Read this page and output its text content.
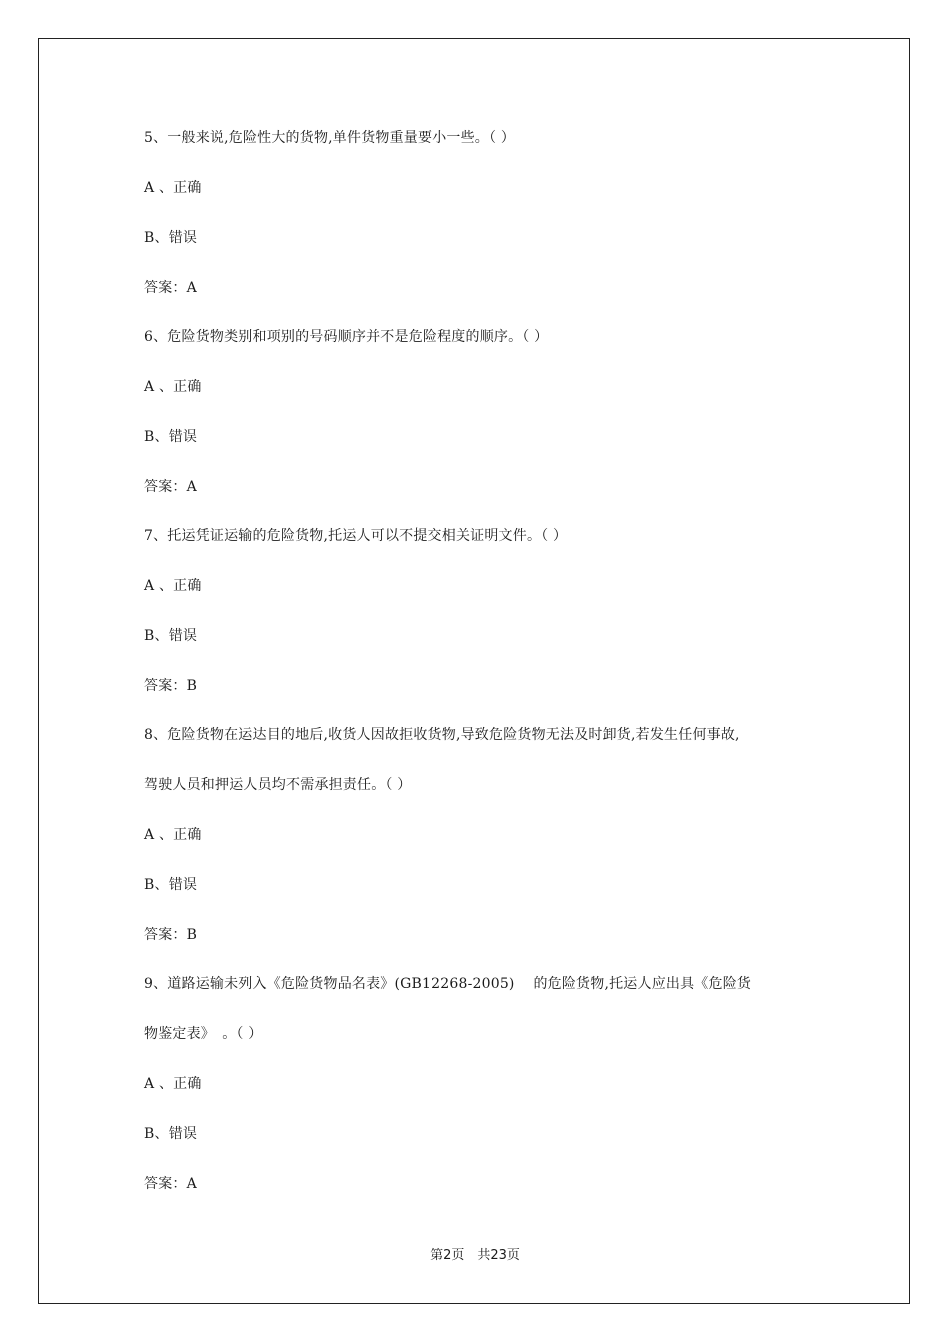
5、一般来说,危险性大的货物,单件货物重量要小一些。（ ）
A 、正确
B、错误
答案：A
6、危险货物类别和项别的号码顺序并不是危险程度的顺序。（ ）
A 、正确
B、错误
答案：A
7、托运凭证运输的危险货物,托运人可以不提交相关证明文件。（ ）
A 、正确
B、错误
答案：B
8、危险货物在运达目的地后,收货人因故拒收货物,导致危险货物无法及时卸货,若发生任何事故,
驾驶人员和押运人员均不需承担责任。（ ）
A 、正确
B、错误
答案：B
9、道路运输未列入《危险货物品名表》(GB12268-2005)　 的危险货物,托运人应出具《危险货
物鉴定表》　。（ ）
A 、正确
B、错误
答案：A
第2页　共23页
